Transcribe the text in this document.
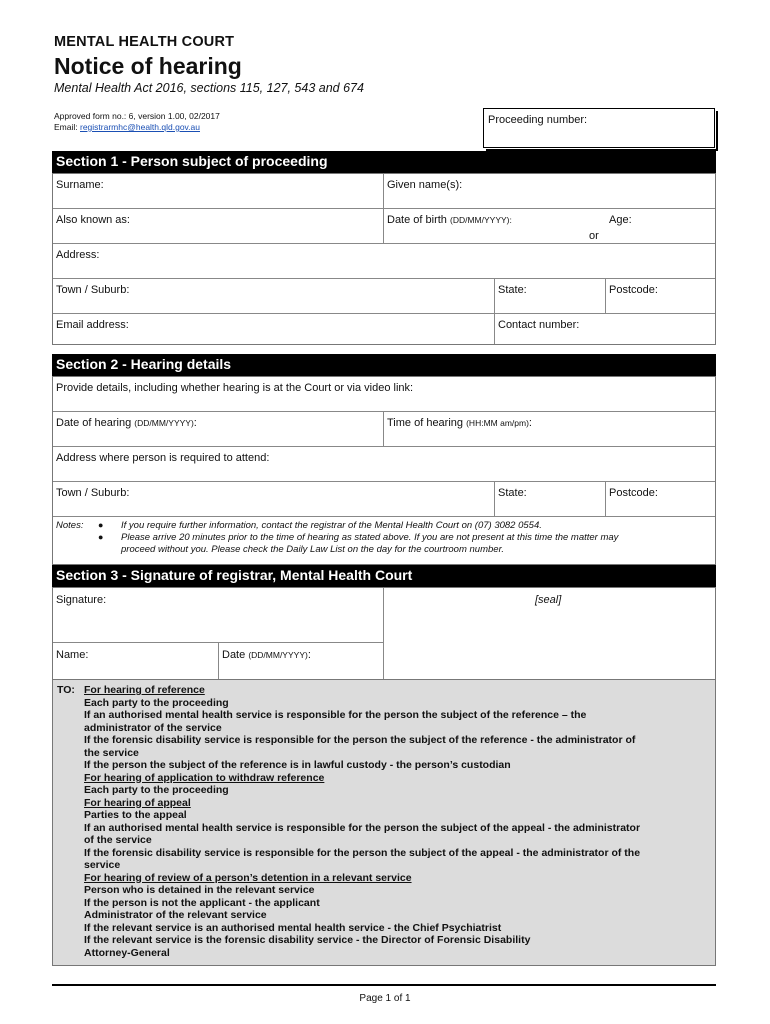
MENTAL HEALTH COURT
Notice of hearing
Mental Health Act 2016, sections 115, 127, 543 and 674
Approved form no.: 6, version 1.00, 02/2017
Email: registrarmhc@health.qld.gov.au
Proceeding number:
Section 1 - Person subject of proceeding
Surname:	Given name(s):
Also known as:	Date of birth (DD/MM/YYYY):	Age:
or
Address:
Town / Suburb:	State:	Postcode:
Email address:	Contact number:
Section 2 - Hearing details
Provide details, including whether hearing is at the Court or via video link:
Date of hearing (DD/MM/YYYY):	Time of hearing (HH:MM am/pm):
Address where person is required to attend:
Town / Suburb:	State:	Postcode:
Notes: ● If you require further information, contact the registrar of the Mental Health Court on (07) 3082 0554.
● Please arrive 20 minutes prior to the time of hearing as stated above. If you are not present at this time the matter may
proceed without you. Please check the Daily Law List on the day for the courtroom number.
Section 3 - Signature of registrar, Mental Health Court
Signature:	[seal]
Name:	Date (DD/MM/YYYY):
TO: For hearing of reference
Each party to the proceeding
If an authorised mental health service is responsible for the person the subject of the reference – the
administrator of the service
If the forensic disability service is responsible for the person the subject of the reference - the administrator of
the service
If the person the subject of the reference is in lawful custody - the person’s custodian
For hearing of application to withdraw reference
Each party to the proceeding
For hearing of appeal
Parties to the appeal
If an authorised mental health service is responsible for the person the subject of the appeal - the administrator
of the service
If the forensic disability service is responsible for the person the subject of the appeal - the administrator of the
service
For hearing of review of a person’s detention in a relevant service
Person who is detained in the relevant service
If the person is not the applicant - the applicant
Administrator of the relevant service
If the relevant service is an authorised mental health service - the Chief Psychiatrist
If the relevant service is the forensic disability service - the Director of Forensic Disability
Attorney-General
Page 1 of 1
